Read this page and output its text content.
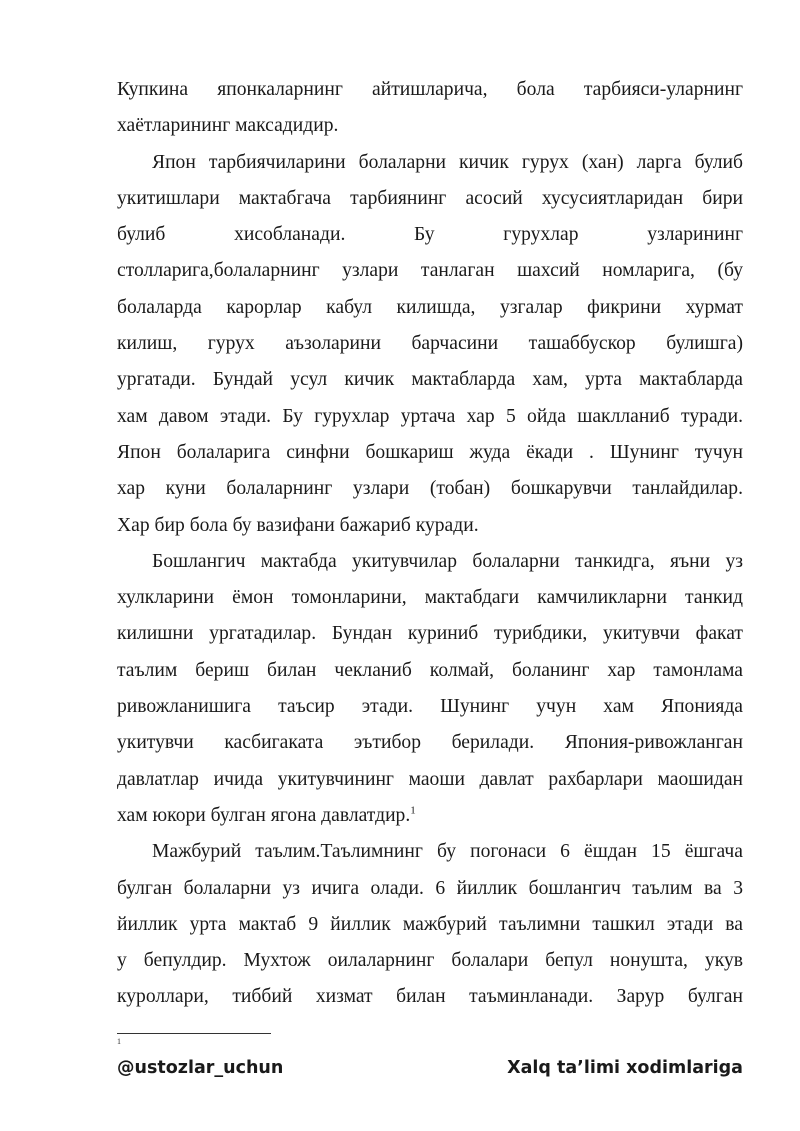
Купкина японкаларнинг айтишларича, бола тарбияси-уларнинг
хаётларининг максадидир.
Япон тарбиячиларини болаларни кичик гурух (хан) ларга булиб
укитишлари мактабгача тарбиянинг асосий хусусиятларидан бири
булиб хисобланади. Бу гурухлар узларининг
столларига,болаларнинг узлари танлаган шахсий номларига, (бу
болаларда карорлар кабул килишда, узгалар фикрини хурмат
килиш, гурух аъзоларини барчасини ташаббускор булишга)
ургатади. Бундай усул кичик мактабларда хам, урта мактабларда
хам давом этади. Бу гурухлар уртача хар 5 ойда шаклланиб туради.
Япон болаларига синфни бошкариш жуда ёкади . Шунинг тучун
хар куни болаларнинг узлари (тобан) бошкарувчи танлайдилар.
Хар бир бола бу вазифани бажариб куради.
Бошлангич мактабда укитувчилар болаларни танкидга, яъни уз
хулкларини ёмон томонларини, мактабдаги камчиликларни танкид
килишни ургатадилар. Бундан куриниб турибдики, укитувчи факат
таълим бериш билан чекланиб колмай, боланинг хар тамонлама
ривожланишига таъсир этади. Шунинг учун хам Японияда
укитувчи касбигаката эътибор берилади. Япония-ривожланган
давлатлар ичида укитувчининг маоши давлат рахбарлари маошидан
хам юкори булган ягона давлатдир.$^1$
Мажбурий таълим.Таълимнинг бу погонаси 6 ёшдан 15 ёшгача
булган болаларни уз ичига олади. 6 йиллик бошлангич таълим ва 3
йиллик урта мактаб 9 йиллик мажбурий таълимни ташкил этади ва
у бепулдир. Мухтож оилаларнинг болалари бепул нонушта, укув
куроллари, тиббий хизмат билан таъминланади. Зарур булган
1
@ustozlar_uchun	Xalq ta’limi xodimlariga
